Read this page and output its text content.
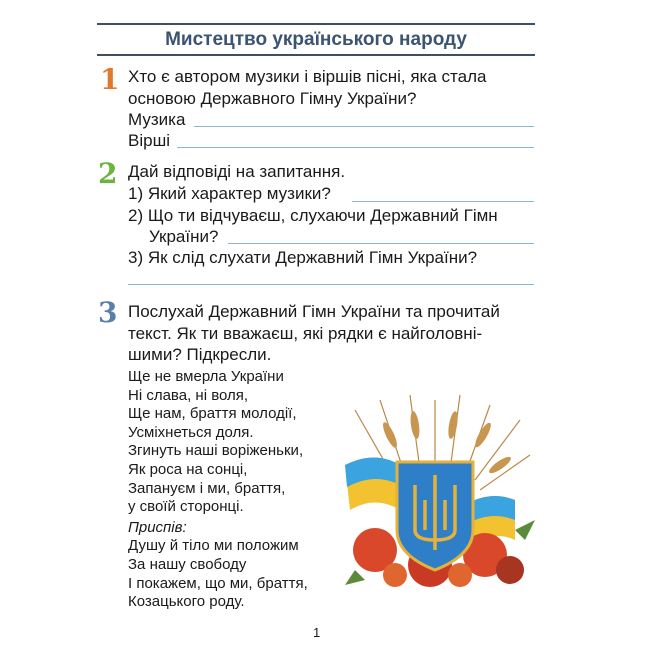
Мистецтво українського народу
1 Хто є автором музики і віршів пісні, яка стала
основою Державного Гімну України?
Музика
Вірші
2 Дай відповіді на запитання.
1) Який характер музики?
2) Що ти відчуваєш, слухаючи Державний Гімн
України?
3) Як слід слухати Державний Гімн України?
3 Послухай Державний Гімн України та прочитай
текст. Як ти вважаєш, які рядки є найголовні-
шими? Підкресли.
Ще не вмерла України
Ні слава, ні воля,
Ще нам, браття молодії,
Усміхнеться доля.
Згинуть наші воріженьки,
Як роса на сонці,
Запануєм і ми, браття,
у своїй сторонці.
Приспів:
Душу й тіло ми положим
За нашу свободу
І покажем, що ми, браття,
Козацького роду.
1
